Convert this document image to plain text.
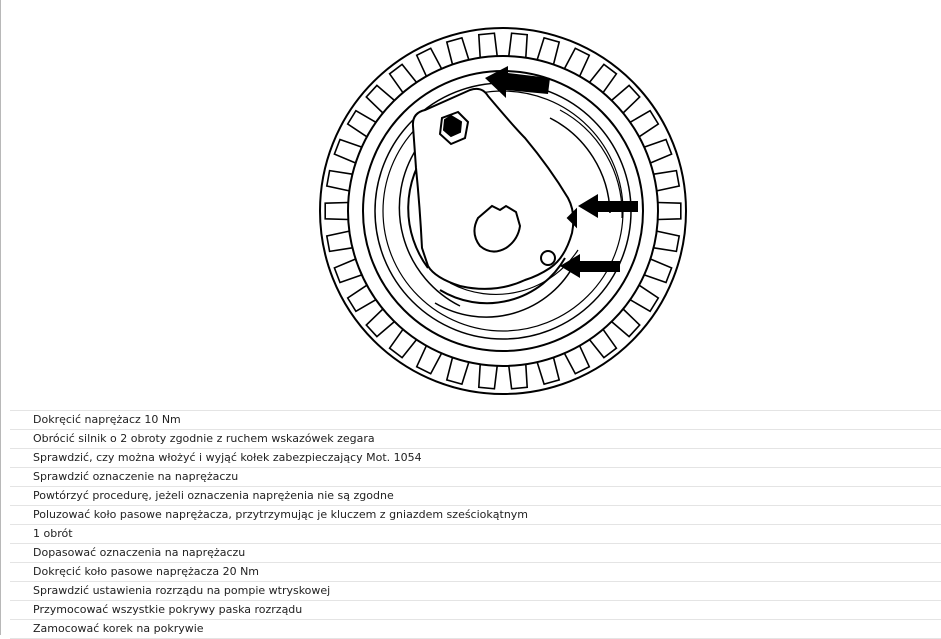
Dokręcić naprężacz 10 Nm
Obrócić silnik o 2 obroty zgodnie z ruchem wskazówek zegara
Sprawdzić, czy można włożyć i wyjąć kołek zabezpieczający Mot. 1054
Sprawdzić oznaczenie na naprężaczu
Powtórzyć procedurę, jeżeli oznaczenia naprężenia nie są zgodne
Poluzować koło pasowe naprężacza, przytrzymując je kluczem z gniazdem sześciokątnym
1 obrót
Dopasować oznaczenia na naprężaczu
Dokręcić koło pasowe naprężacza 20 Nm
Sprawdzić ustawienia rozrządu na pompie wtryskowej
Przymocować wszystkie pokrywy paska rozrządu
Zamocować korek na pokrywie
